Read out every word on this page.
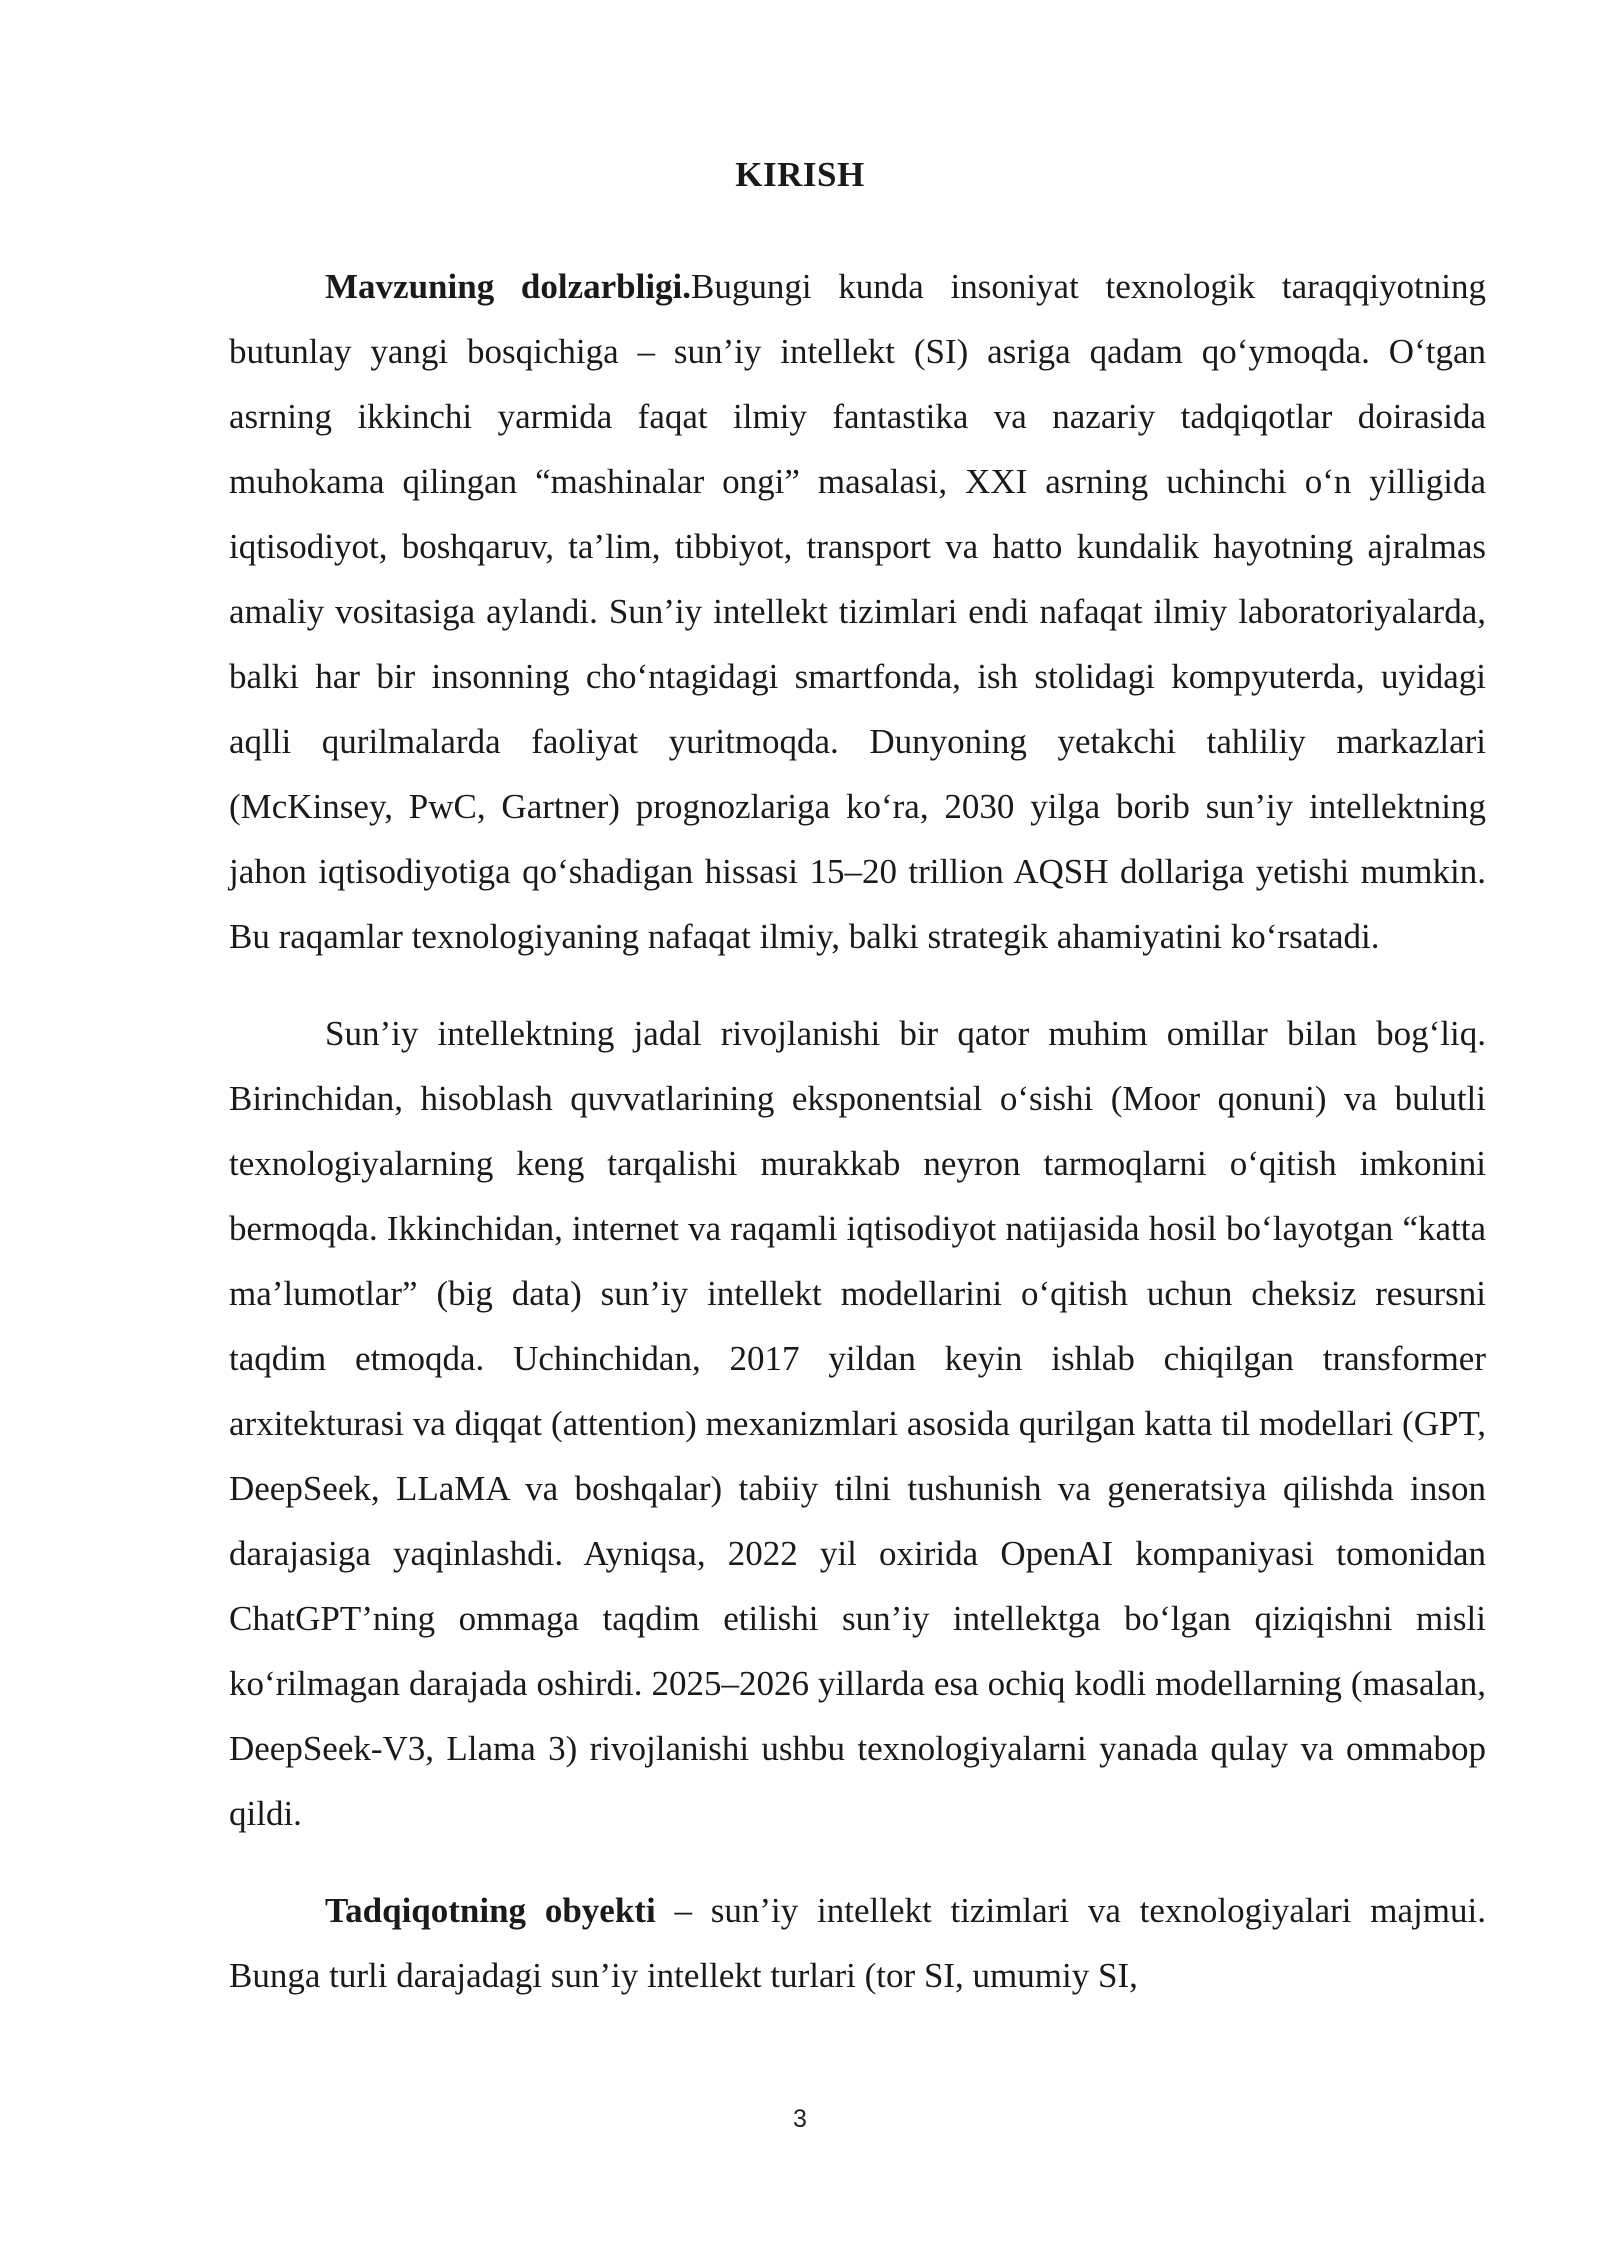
KIRISH

Mavzuning dolzarbligi.Bugungi kunda insoniyat texnologik taraqqiyotning butunlay yangi bosqichiga – sun’iy intellekt (SI) asriga qadam qo‘ymoqda. O‘tgan asrning ikkinchi yarmida faqat ilmiy fantastika va nazariy tadqiqotlar doirasida muhokama qilingan “mashinalar ongi” masalasi, XXI asrning uchinchi o‘n yilligida iqtisodiyot, boshqaruv, ta’lim, tibbiyot, transport va hatto kundalik hayotning ajralmas amaliy vositasiga aylandi. Sun’iy intellekt tizimlari endi nafaqat ilmiy laboratoriyalarda, balki har bir insonning cho‘ntagidagi smartfonda, ish stolidagi kompyuterda, uyidagi aqlli qurilmalarda faoliyat yuritmoqda. Dunyoning yetakchi tahliliy markazlari (McKinsey, PwC, Gartner) prognozlariga ko‘ra, 2030 yilga borib sun’iy intellektning jahon iqtisodiyotiga qo‘shadigan hissasi 15–20 trillion AQSH dollariga yetishi mumkin. Bu raqamlar texnologiyaning nafaqat ilmiy, balki strategik ahamiyatini ko‘rsatadi.

Sun’iy intellektning jadal rivojlanishi bir qator muhim omillar bilan bog‘liq. Birinchidan, hisoblash quvvatlarining eksponentsial o‘sishi (Moor qonuni) va bulutli texnologiyalarning keng tarqalishi murakkab neyron tarmoqlarni o‘qitish imkonini bermoqda. Ikkinchidan, internet va raqamli iqtisodiyot natijasida hosil bo‘layotgan “katta ma’lumotlar” (big data) sun’iy intellekt modellarini o‘qitish uchun cheksiz resursni taqdim etmoqda. Uchinchidan, 2017 yildan keyin ishlab chiqilgan transformer arxitekturasi va diqqat (attention) mexanizmlari asosida qurilgan katta til modellari (GPT, DeepSeek, LLaMA va boshqalar) tabiiy tilni tushunish va generatsiya qilishda inson darajasiga yaqinlashdi. Ayniqsa, 2022 yil oxirida OpenAI kompaniyasi tomonidan ChatGPT’ning ommaga taqdim etilishi sun’iy intellektga bo‘lgan qiziqishni misli ko‘rilmagan darajada oshirdi. 2025–2026 yillarda esa ochiq kodli modellarning (masalan, DeepSeek-V3, Llama 3) rivojlanishi ushbu texnologiyalarni yanada qulay va ommabop qildi.

Tadqiqotning obyekti – sun’iy intellekt tizimlari va texnologiyalari majmui. Bunga turli darajadagi sun’iy intellekt turlari (tor SI, umumiy SI,

3
